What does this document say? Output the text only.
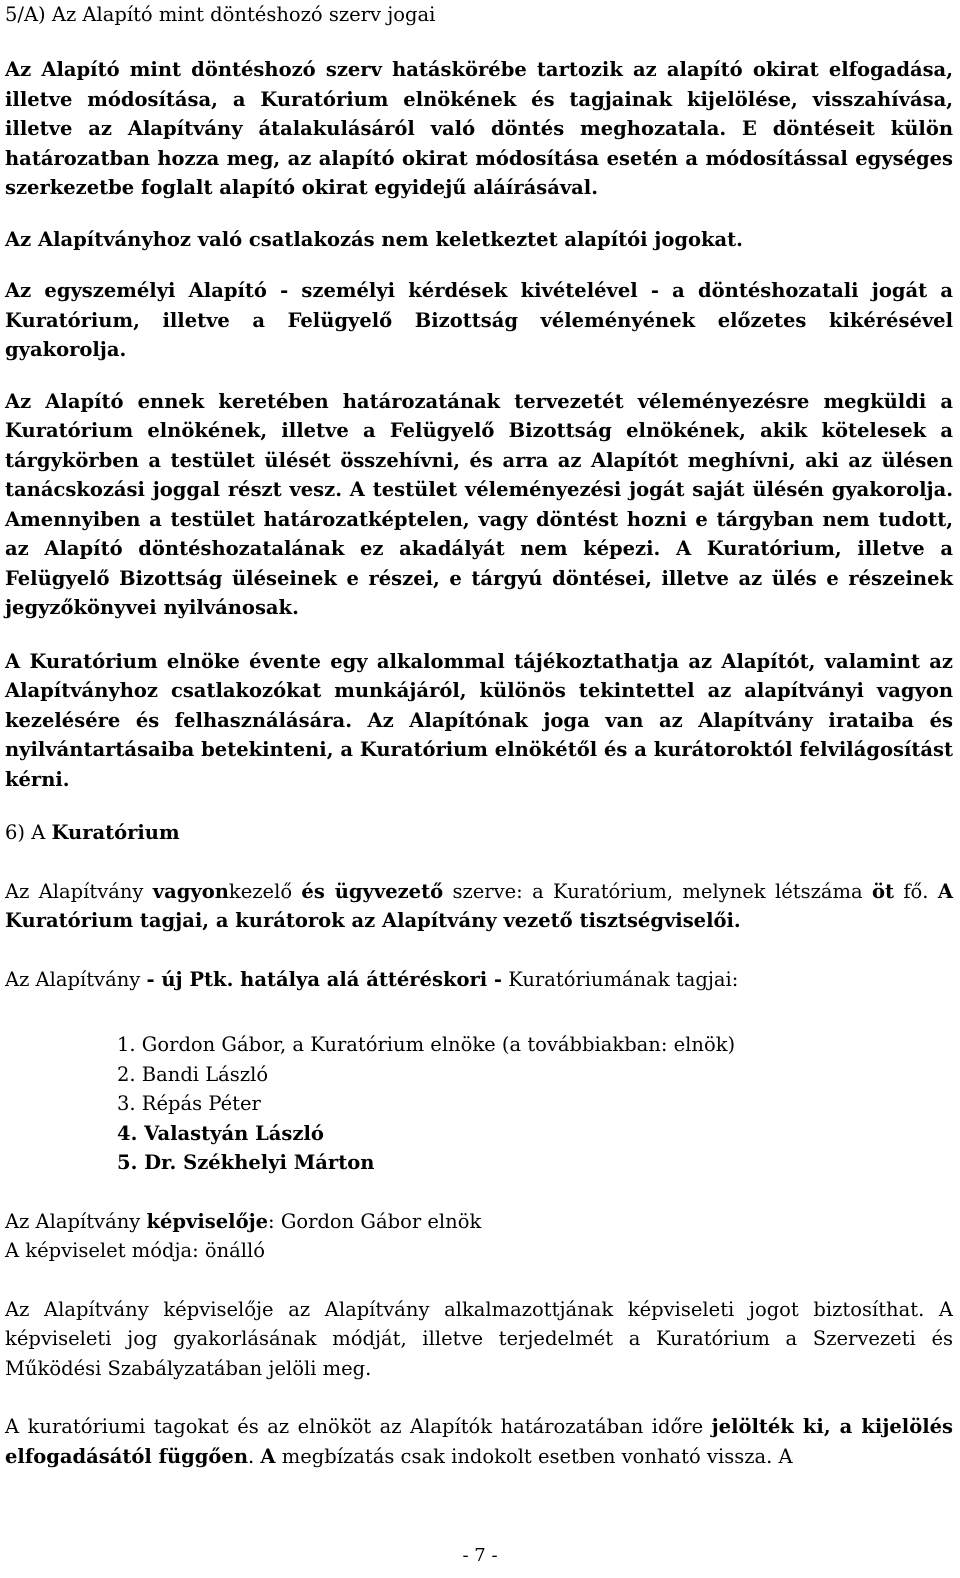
5/A) Az Alapító mint döntéshozó szerv jogai
Az Alapító mint döntéshozó szerv hatáskörébe tartozik az alapító okirat elfogadása, illetve módosítása, a Kuratórium elnökének és tagjainak kijelölése, visszahívása, illetve az Alapítvány átalakulásáról való döntés meghozatala. E döntéseit külön határozatban hozza meg, az alapító okirat módosítása esetén a módosítással egységes szerkezetbe foglalt alapító okirat egyidejű aláírásával.
Az Alapítványhoz való csatlakozás nem keletkeztet alapítói jogokat.
Az egyszemélyi Alapító - személyi kérdések kivételével - a döntéshozatali jogát a Kuratórium, illetve a Felügyelő Bizottság véleményének előzetes kikérésével gyakorolja.
Az Alapító ennek keretében határozatának tervezetét véleményezésre megküldi a Kuratórium elnökének, illetve a Felügyelő Bizottság elnökének, akik kötelesek a tárgykörben a testület ülését összehívni, és arra az Alapítót meghívni, aki az ülésen tanácskozási joggal részt vesz. A testület véleményezési jogát saját ülésén gyakorolja. Amennyiben a testület határozatképtelen, vagy döntést hozni e tárgyban nem tudott, az Alapító döntéshozatalának ez akadályát nem képezi. A Kuratórium, illetve a Felügyelő Bizottság üléseinek e részei, e tárgyú döntései, illetve az ülés e részeinek jegyzőkönyvei nyilvánosak.
A Kuratórium elnöke évente egy alkalommal tájékoztathatja az Alapítót, valamint az Alapítványhoz csatlakozókat munkájáról, különös tekintettel az alapítványi vagyon kezelésére és felhasználására. Az Alapítónak joga van az Alapítvány irataiba és nyilvántartásaiba betekinteni, a Kuratórium elnökétől és a kurátoroktól felvilágosítást kérni.
6) A Kuratórium
Az Alapítvány vagyonkezelő és ügyvezető szerve: a Kuratórium, melynek létszáma öt fő. A Kuratórium tagjai, a kurátorok az Alapítvány vezető tisztségviselői.
Az Alapítvány - új Ptk. hatálya alá áttéréskori - Kuratóriumának tagjai:
1. Gordon Gábor, a Kuratórium elnöke (a továbbiakban: elnök)
2. Bandi László
3. Répás Péter
4. Valastyán László
5. Dr. Székhelyi Márton
Az Alapítvány képviselője: Gordon Gábor elnök
A képviselet módja: önálló
Az Alapítvány képviselője az Alapítvány alkalmazottjának képviseleti jogot biztosíthat. A képviseleti jog gyakorlásának módját, illetve terjedelmét a Kuratórium a Szervezeti és Működési Szabályzatában jelöli meg.
A kuratóriumi tagokat és az elnököt az Alapítók határozatában időre jelölték ki, a kijelölés elfogadásától függően. A megbízatás csak indokolt esetben vonható vissza. A
- 7 -
